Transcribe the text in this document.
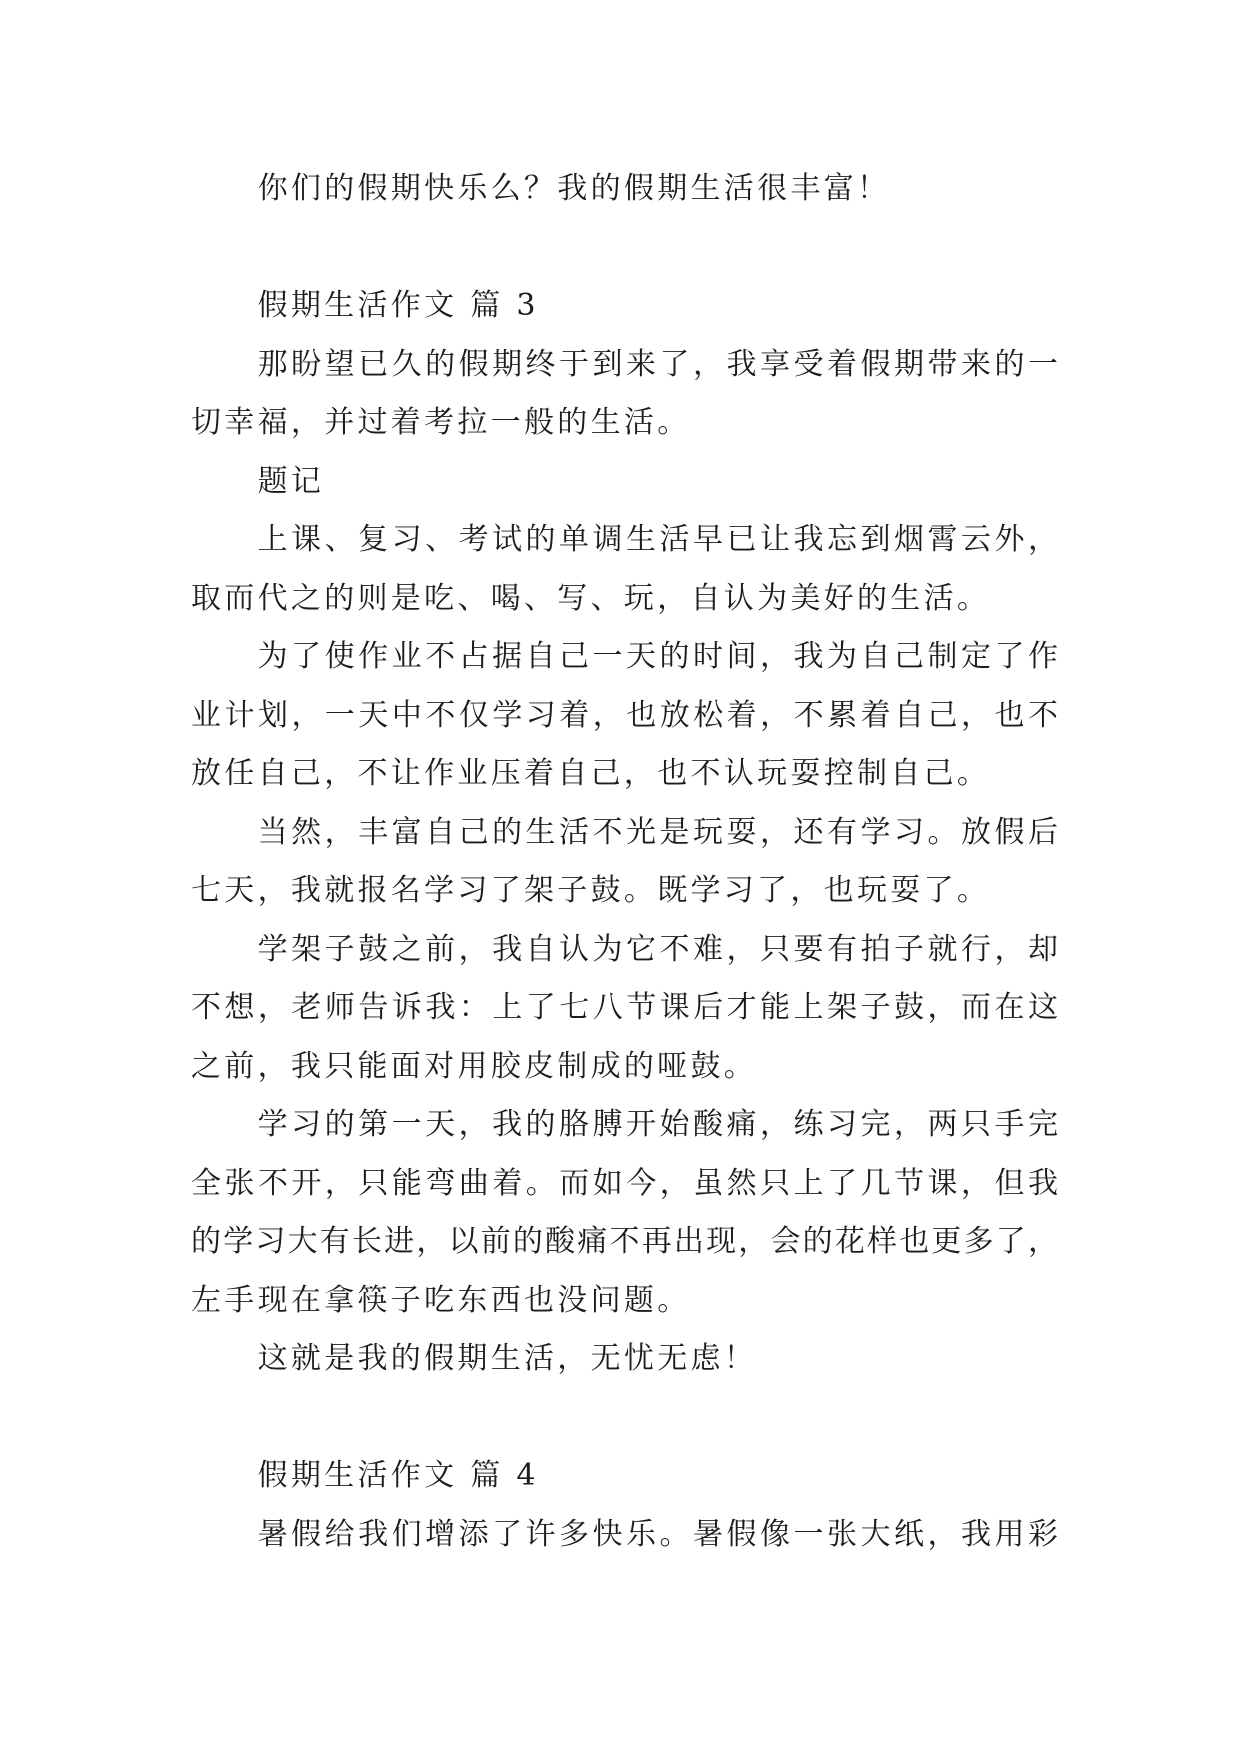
你们的假期快乐么？我的假期生活很丰富！
假期生活作文 篇 3
那盼望已久的假期终于到来了，我享受着假期带来的一
切幸福，并过着考拉一般的生活。
题记
上课、复习、考试的单调生活早已让我忘到烟霄云外，
取而代之的则是吃、喝、写、玩，自认为美好的生活。
为了使作业不占据自己一天的时间，我为自己制定了作
业计划，一天中不仅学习着，也放松着，不累着自己，也不
放任自己，不让作业压着自己，也不认玩耍控制自己。
当然，丰富自己的生活不光是玩耍，还有学习。放假后
七天，我就报名学习了架子鼓。既学习了，也玩耍了。
学架子鼓之前，我自认为它不难，只要有拍子就行，却
不想，老师告诉我：上了七八节课后才能上架子鼓，而在这
之前，我只能面对用胶皮制成的哑鼓。
学习的第一天，我的胳膊开始酸痛，练习完，两只手完
全张不开，只能弯曲着。而如今，虽然只上了几节课，但我
的学习大有长进，以前的酸痛不再出现，会的花样也更多了，
左手现在拿筷子吃东西也没问题。
这就是我的假期生活，无忧无虑！
假期生活作文 篇 4
暑假给我们增添了许多快乐。暑假像一张大纸，我用彩
